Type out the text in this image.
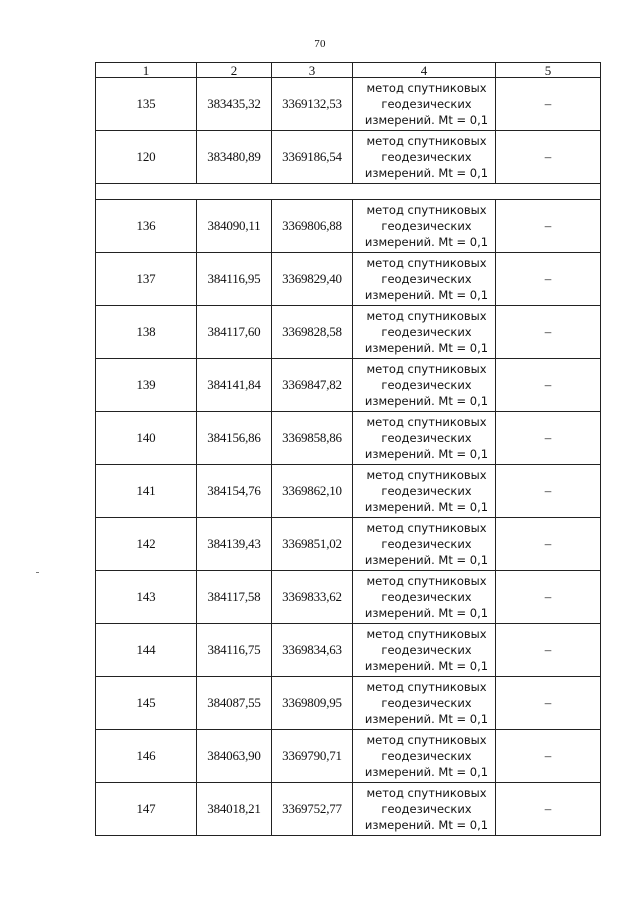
70
1	2	3	4	5
135	383435,32	3369132,53	метод спутниковых
геодезических
измерений. Mt = 0,1	–
120	383480,89	3369186,54	метод спутниковых
геодезических
измерений. Mt = 0,1	–

136	384090,11	3369806,88	метод спутниковых
геодезических
измерений. Mt = 0,1	–
137	384116,95	3369829,40	метод спутниковых
геодезических
измерений. Mt = 0,1	–
138	384117,60	3369828,58	метод спутниковых
геодезических
измерений. Mt = 0,1	–
139	384141,84	3369847,82	метод спутниковых
геодезических
измерений. Mt = 0,1	–
140	384156,86	3369858,86	метод спутниковых
геодезических
измерений. Mt = 0,1	–
141	384154,76	3369862,10	метод спутниковых
геодезических
измерений. Mt = 0,1	–
142	384139,43	3369851,02	метод спутниковых
геодезических
измерений. Mt = 0,1	–
143	384117,58	3369833,62	метод спутниковых
геодезических
измерений. Mt = 0,1	–
144	384116,75	3369834,63	метод спутниковых
геодезических
измерений. Mt = 0,1	–
145	384087,55	3369809,95	метод спутниковых
геодезических
измерений. Mt = 0,1	–
146	384063,90	3369790,71	метод спутниковых
геодезических
измерений. Mt = 0,1	–
147	384018,21	3369752,77	метод спутниковых
геодезических
измерений. Mt = 0,1	–
